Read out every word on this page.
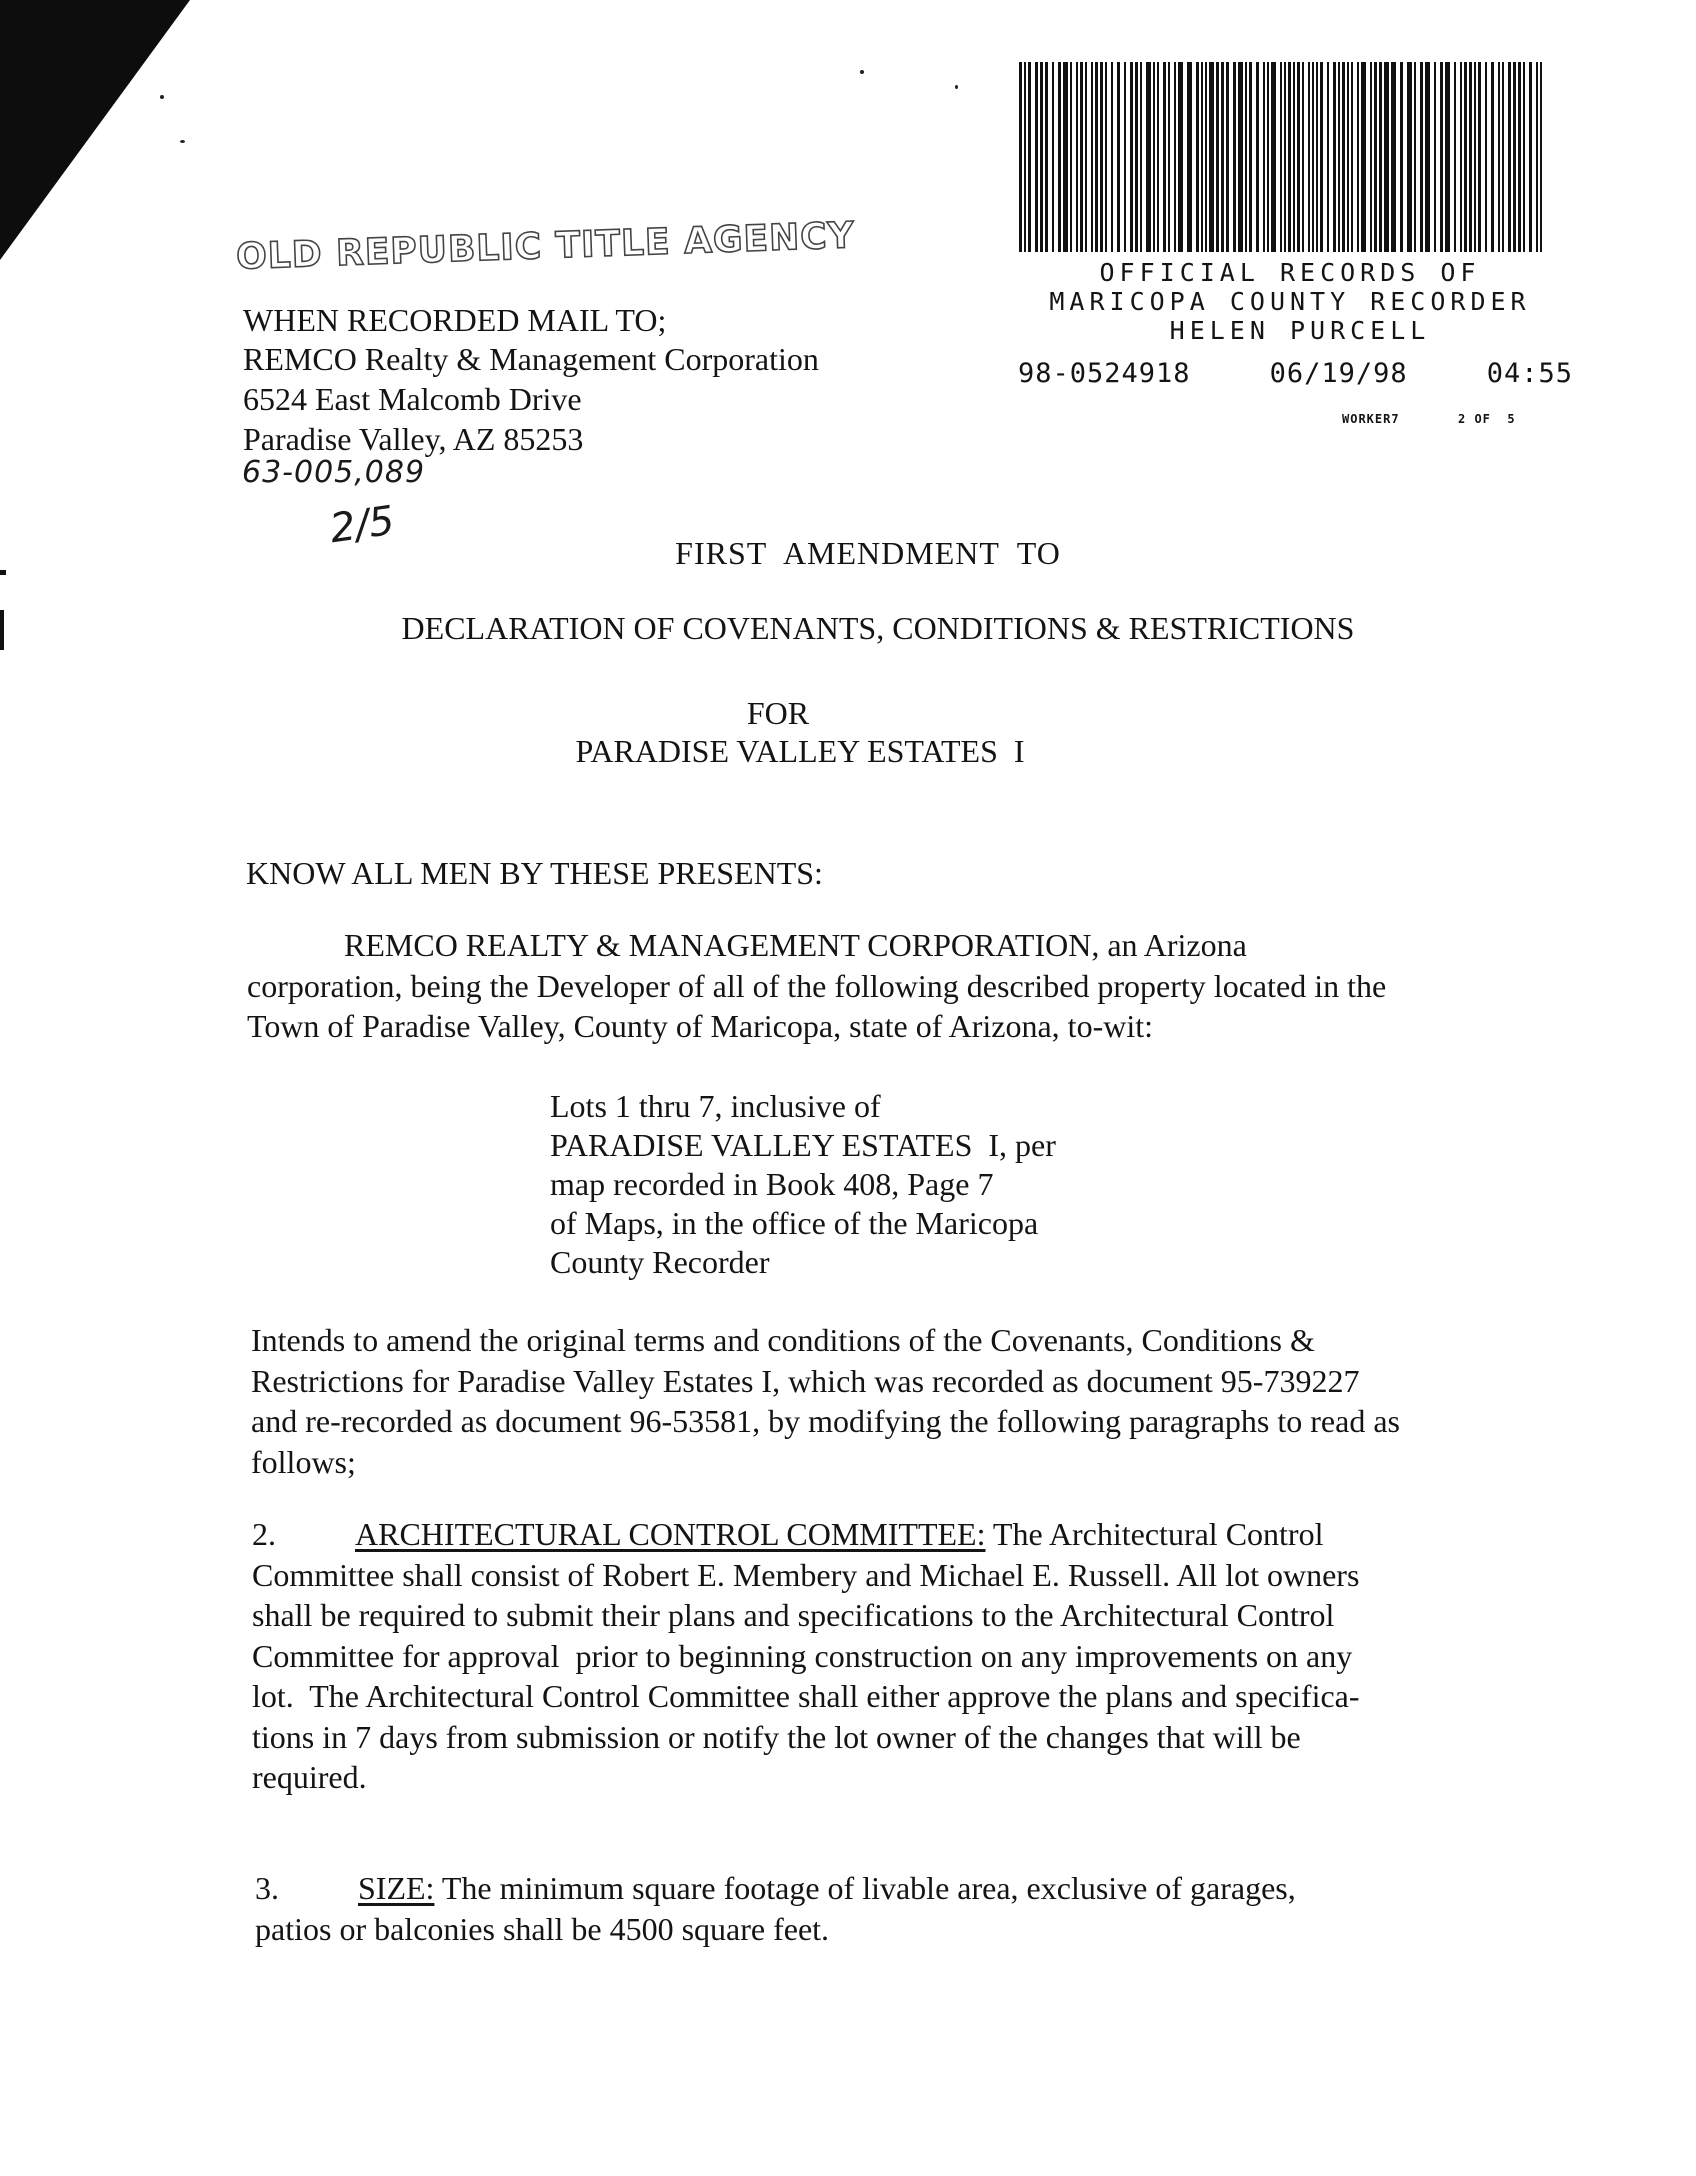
OFFICIAL RECORDS OF
MARICOPA COUNTY RECORDER
HELEN PURCELL
98-0524918	06/19/98	04:55
WORKER7	2 OF  5
OLD REPUBLIC TITLE AGENCY
WHEN RECORDED MAIL TO;
REMCO Realty & Management Corporation
6524 East Malcomb Drive
Paradise Valley, AZ 85253
63-005,089
2/5
FIRST  AMENDMENT  TO
DECLARATION OF COVENANTS, CONDITIONS & RESTRICTIONS
FOR
PARADISE VALLEY ESTATES  I
KNOW ALL MEN BY THESE PRESENTS:
REMCO REALTY & MANAGEMENT CORPORATION, an Arizona
corporation, being the Developer of all of the following described property located in the
Town of Paradise Valley, County of Maricopa, state of Arizona, to-wit:
Lots 1 thru 7, inclusive of
PARADISE VALLEY ESTATES  I, per
map recorded in Book 408, Page 7
of Maps, in the office of the Maricopa
County Recorder
Intends to amend the original terms and conditions of the Covenants, Conditions &
Restrictions for Paradise Valley Estates I, which was recorded as document 95-739227
and re-recorded as document 96-53581, by modifying the following paragraphs to read as
follows;
2. ARCHITECTURAL CONTROL COMMITTEE: The Architectural Control
Committee shall consist of Robert E. Membery and Michael E. Russell. All lot owners
shall be required to submit their plans and specifications to the Architectural Control
Committee for approval  prior to beginning construction on any improvements on any
lot.  The Architectural Control Committee shall either approve the plans and specifica-
tions in 7 days from submission or notify the lot owner of the changes that will be
required.
3. SIZE: The minimum square footage of livable area, exclusive of garages,
patios or balconies shall be 4500 square feet.
